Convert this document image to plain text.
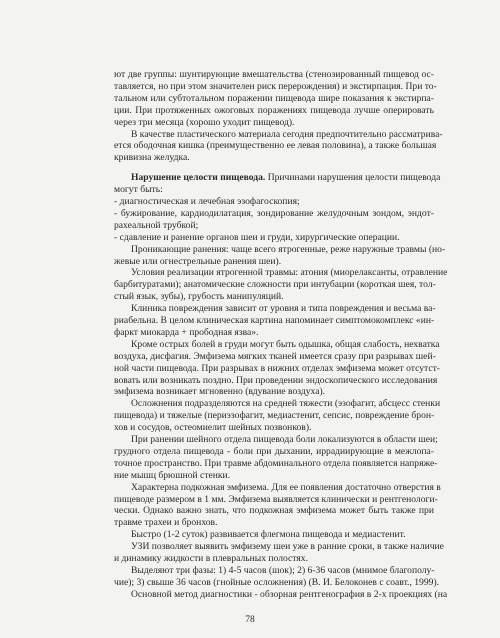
ют две группы: шунтирующие вмешательства (стенозированный пищевод ос-
тавляется, но при этом значителен риск перерождения) и экстирпация. При то-
тальном или субтотальном поражении пищевода шире показания к экстирпа-
ции. При протяженных ожоговых поражениях пищевода лучше оперировать
через три месяца (хорошо уходит пищевод).
В качестве пластического материала сегодня предпочтительно рассматрива-
ется ободочная кишка (преимущественно ее левая половина), а также большая
кривизна желудка.
Нарушение целости пищевода. Причинами нарушения целости пищевода
могут быть:
- диагностическая и лечебная эзофагоскопия;
- бужирование, кардиодилатация, зондирование желудочным зондом, эндот-
рахеальной трубкой;
- сдавление и ранение органов шеи и груди, хирургические операции.
Проникающие ранения: чаще всего ятрогенные, реже наружные травмы (но-
жевые или огнестрельные ранения шеи).
Условия реализации ятрогенной травмы: атония (миорелаксанты, отравление
барбитуратами); анатомические сложности при интубации (короткая шея, тол-
стый язык, зубы), грубость манипуляций.
Клиника повреждения зависит от уровня и типа повреждения и весьма ва-
риабельна. В целом клиническая картина напоминает симптомокомплекс «ин-
фаркт миокарда + прободная язва».
Кроме острых болей в груди могут быть одышка, общая слабость, нехватка
воздуха, дисфагия. Эмфизема мягких тканей имеется сразу при разрывах шей-
ной части пищевода. При разрывах в нижних отделах эмфизема может отсутст-
вовать или возникать поздно. При проведении эндоскопического исследования
эмфизема возникает мгновенно (вдувание воздуха).
Осложнения подразделяются на средней тяжести (эзофагит, абсцесс стенки
пищевода) и тяжелые (периэзофагит, медиастенит, сепсис, повреждение брон-
хов и сосудов, остеомиелит шейных позвонков).
При ранении шейного отдела пищевода боли локализуются в области шеи;
грудного отдела пищевода - боли при дыхании, иррадиирующие в межлопа-
точное пространство. При травме абдоминального отдела появляется напряже-
ние мышц брюшной стенки.
Характерна подкожная эмфизема. Для ее появления достаточно отверстия в
пищеводе размером в 1 мм. Эмфизема выявляется клинически и рентгенологи-
чески. Однако важно знать, что подкожная эмфизема может быть также при
травме трахеи и бронхов.
Быстро (1-2 суток) развивается флегмона пищевода и медиастенит.
УЗИ позволяет выявить эмфизему шеи уже в ранние сроки, в также наличие
и динамику жидкости в плевральных полостях.
Выделяют три фазы: 1) 4-5 часов (шок); 2) 6-36 часов (мнимое благополу-
чие); 3) свыше 36 часов (гнойные осложнения) (В. И. Белоконев с соавт., 1999).
Основной метод диагностики - обзорная рентгенография в 2-х проекциях (на
78
